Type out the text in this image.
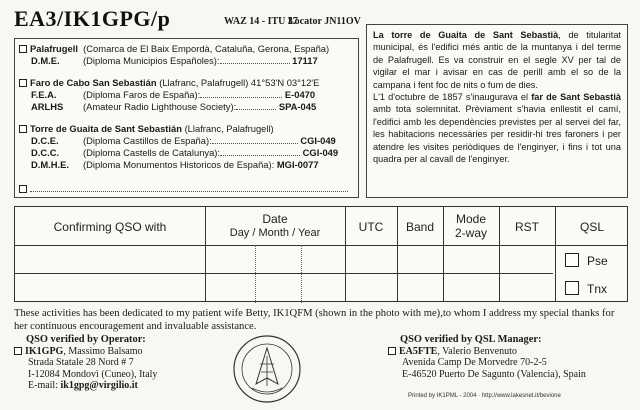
EA3/IK1GPG/p	WAZ 14 - ITU 37
Locator JN11OV
Palafrugell (Comarca de El Baix Empordà, Cataluña, Gerona, España)
D.M.E. (Diploma Municipios Españoles):	17117
Faro de Cabo San Sebastián (Llafranc, Palafrugell) 41°53'N 03°12'E
F.E.A.	(Diploma Faros de España):	E-0470
ARLHS (Amateur Radio Lighthouse Society):	SPA-045
Torre de Guaita de Sant Sebastián (Llafranc, Palafrugell)
D.C.E.	(Diploma Castillos de España):	CGI-049
D.C.C.	(Diploma Castells de Catalunya):	CGI-049
D.M.H.E. (Diploma Monumentos Historicos de España): MGI-0077

La torre de Guaita de Sant Sebastià, de titularitat municipal, és l'edifici més antic de la muntanya i del terme de Palafrugell. Es va construir en el segle XV per tal de vigilar el mar i avisar en cas de perill amb el so de la campana i fent foc de nits o fum de dies.

L'1 d'octubre de 1857 s'inaugurava el far de Sant Sebastià amb tota solemnitat. Prèviament s'havia enllestit el camí, l'edifici amb les dependències previstes per al servei del far, les habitacions necessàries per residir-hi tres faroners i per atendre les visites periòdiques de l'enginyer, i fins i tot una quadra per al cavall de l'enginyer.

Confirming QSO with
Date
Day / Month / Year	UTC	Band
Mode
2-way	RST	QSL
Pse
Tnx
These activities has been dedicated to my patient wife Betty, IK1QFM (shown in the photo with me),to whom I address my special thanks for her continuous encouragement and invaluable assistance.
QSO verified by Operator:
IK1GPG, Massimo Balsamo
Strada Statale 28 Nord # 7
I-12084 Mondovì (Cuneo), Italy
E-mail: ik1gpg@virgilio.it
QSO verified by QSL Manager:
EA5FTE, Valerio Benvenuto
Avenida Camp De Morvedre 70-2-5
E-46520 Puerto De Sagunto (Valencia), Spain
Printed by IK1PML - 2004 · http://www.lakesnet.it/bevione
